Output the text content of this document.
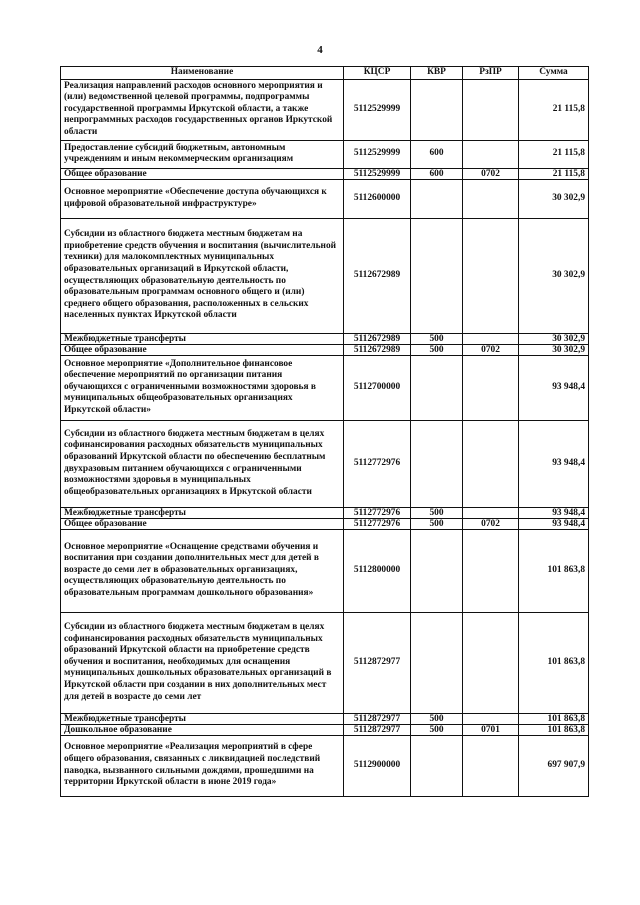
4
Наименование	КЦСР	КВР	РзПР	Сумма
Реализация направлений расходов основного мероприятия и (или) ведомственной целевой программы, подпрограммы государственной программы Иркутской области, а также непрограммных расходов государственных органов Иркутской области	5112529999			21 115,8
Предоставление субсидий бюджетным, автономным учреждениям и иным некоммерческим организациям	5112529999	600		21 115,8
Общее образование	5112529999	600	0702	21 115,8
Основное мероприятие «Обеспечение доступа обучающихся к цифровой образовательной инфраструктуре»	5112600000			30 302,9
Субсидии из областного бюджета местным бюджетам на приобретение средств обучения и воспитания (вычислительной техники) для малокомплектных муниципальных образовательных организаций в Иркутской области, осуществляющих образовательную деятельность по образовательным программам основного общего и (или) среднего общего образования, расположенных в сельских населенных пунктах Иркутской области	5112672989			30 302,9
Межбюджетные трансферты	5112672989	500		30 302,9
Общее образование	5112672989	500	0702	30 302,9
Основное мероприятие «Дополнительное финансовое обеспечение мероприятий по организации питания обучающихся с ограниченными возможностями здоровья в муниципальных общеобразовательных организациях Иркутской области»	5112700000			93 948,4
Субсидии из областного бюджета местным бюджетам в целях софинансирования расходных обязательств муниципальных образований Иркутской области по обеспечению бесплатным двухразовым питанием обучающихся с ограниченными возможностями здоровья в муниципальных общеобразовательных организациях в Иркутской области	5112772976			93 948,4
Межбюджетные трансферты	5112772976	500		93 948,4
Общее образование	5112772976	500	0702	93 948,4
Основное мероприятие «Оснащение средствами обучения и воспитания при создании дополнительных мест для детей в возрасте до семи лет в образовательных организациях, осуществляющих образовательную деятельность по образовательным программам дошкольного образования»	5112800000			101 863,8
Субсидии из областного бюджета местным бюджетам в целях софинансирования расходных обязательств муниципальных образований Иркутской области на приобретение средств обучения и воспитания, необходимых для оснащения муниципальных дошкольных образовательных организаций в Иркутской области при создании в них дополнительных мест для детей в возрасте до семи лет	5112872977			101 863,8
Межбюджетные трансферты	5112872977	500		101 863,8
Дошкольное образование	5112872977	500	0701	101 863,8
Основное мероприятие «Реализация мероприятий в сфере общего образования, связанных с ликвидацией последствий паводка, вызванного сильными дождями, прошедшими на территории Иркутской области в июне 2019 года»	5112900000			697 907,9
